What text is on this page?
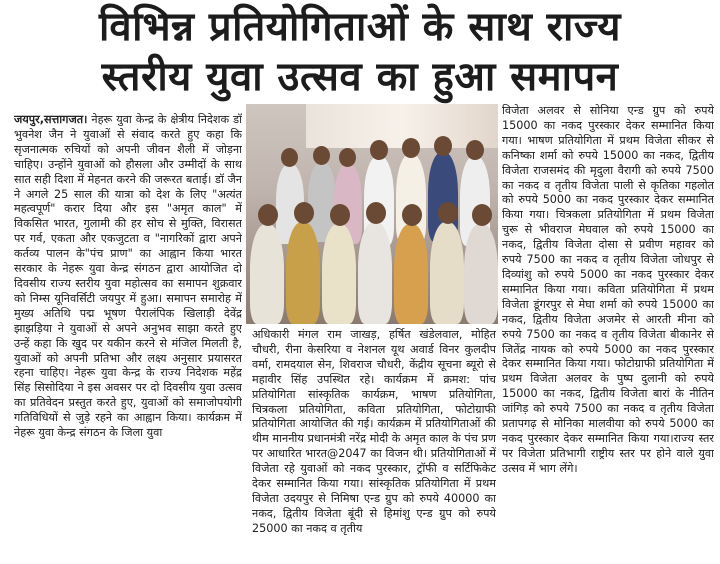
विभिन्न प्रतियोगिताओं के साथ राज्य
स्तरीय युवा उत्सव का हुआ समापन

जयपुर,सत्तागजत। नेहरू युवा केन्द्र के क्षेत्रीय निदेशक डॉ भुवनेश जैन ने युवाओं से संवाद करते हुए कहा कि सृजनात्मक रुचियों को अपनी जीवन शैली में जोड़ना चाहिए। उन्होंने युवाओं को हौसला और उम्मीदों के साथ सात सही दिशा में मेहनत करने की जरूरत बताई। डॉ जैन ने अगले 25 साल की यात्रा को देश के लिए "अत्यंत महत्वपूर्ण" करार दिया और इस "अमृत काल" में विकसित भारत, गुलामी की हर सोच से मुक्ति, विरासत पर गर्व, एकता और एकजुटता व "नागरिकों द्वारा अपने कर्तव्य पालन के"पंच प्राण" का आह्वान किया भारत सरकार के नेहरू युवा केन्द्र संगठन द्वारा आयोजित दो दिवसीय राज्य स्तरीय युवा महोत्सव का समापन शुक्रवार को निम्स यूनिवर्सिटी जयपुर में हुआ। समापन समारोह में मुख्य अतिथि पद्म भूषण पैरालंपिक खिलाड़ी देवेंद्र झाझड़िया ने युवाओं से अपने अनुभव साझा करते हुए उन्हें कहा कि खुद पर यकीन करने से मंजिल मिलती है, युवाओं को अपनी प्रतिभा और लक्ष्य अनुसार प्रयासरत रहना चाहिए। नेहरू युवा केन्द्र के राज्य निदेशक महेंद्र सिंह सिसोदिया ने इस अवसर पर दो दिवसीय युवा उत्सव का प्रतिवेदन प्रस्तुत करते हुए, युवाओं को समाजोपयोगी गतिविधियों से जुड़े रहने का आह्वान किया। कार्यक्रम में नेहरू युवा केन्द्र संगठन के जिला युवा

अधिकारी मंगल राम जाखड़, हर्षित खंडेलवाल, मोहित चौधरी, रीना केसरिया व नेशनल यूथ अवार्ड विनर कुलदीप वर्मा, रामदयाल सेन, शिवराज चौधरी, केंद्रीय सूचना ब्यूरो से महावीर सिंह उपस्थित रहे। कार्यक्रम में क्रमश: पांच प्रतियोगिता सांस्कृतिक कार्यक्रम, भाषण प्रतियोगिता, चित्रकला प्रतियोगिता, कविता प्रतियोगिता, फोटोग्राफी प्रतियोगिता आयोजित की गई। कार्यक्रम में प्रतियोगिताओं की थीम माननीय प्रधानमंत्री नरेंद्र मोदी के अमृत काल के पंच प्रण पर आधारित भारत@2047 का विजन थी। प्रतियोगिताओं में विजेता रहे युवाओं को नकद पुरस्कार, ट्रॉफी व सर्टिफिकेट देकर सम्मानित किया गया। सांस्कृतिक प्रतियोगिता में प्रथम विजेता उदयपुर से निमिषा एन्ड ग्रुप को रुपये 40000 का नकद, द्वितीय विजेता बूंदी से हिमांशु एन्ड ग्रुप को रुपये 25000 का नकद व तृतीय

विजेता अलवर से सोनिया एन्ड ग्रुप को रुपये 15000 का नकद पुरस्कार देकर सम्मानित किया गया। भाषण प्रतियोगिता में प्रथम विजेता सीकर से कनिष्का शर्मा को रुपये 15000 का नकद, द्वितीय विजेता राजसमंद की मृदुला वैरागी को रुपये 7500 का नकद व तृतीय विजेता पाली से कृतिका गहलोत को रुपये 5000 का नकद पुरस्कार देकर सम्मानित किया गया। चित्रकला प्रतियोगिता में प्रथम विजेता चुरू से भीवराज मेघवाल को रुपये 15000 का नकद, द्वितीय विजेता दोसा से प्रवीण महावर को रुपये 7500 का नकद व तृतीय विजेता जोधपुर से दिव्यांशु को रुपये 5000 का नकद पुरस्कार देकर सम्मानित किया गया। कविता प्रतियोगिता में प्रथम विजेता डूंगरपुर से मेघा शर्मा को रुपये 15000 का नकद, द्वितीय विजेता अजमेर से आरती मीना को रुपये 7500 का नकद व तृतीय विजेता बीकानेर से जितेंद्र नायक को रुपये 5000 का नकद पुरस्कार देकर सम्मानित किया गया। फोटोग्राफी प्रतियोगिता में प्रथम विजेता अलवर के पुष्प दुलानी को रुपये 15000 का नकद, द्वितीय विजेता बारां के नीतिन जांगिड़ को रुपये 7500 का नकद व तृतीय विजेता प्रतापगढ़ से मोनिका मालवीया को रुपये 5000 का नकद पुरस्कार देकर सम्मानित किया गया।राज्य स्तर पर विजेता प्रतिभागी राष्ट्रीय स्तर पर होने वाले युवा उत्सव में भाग लेंगे।
